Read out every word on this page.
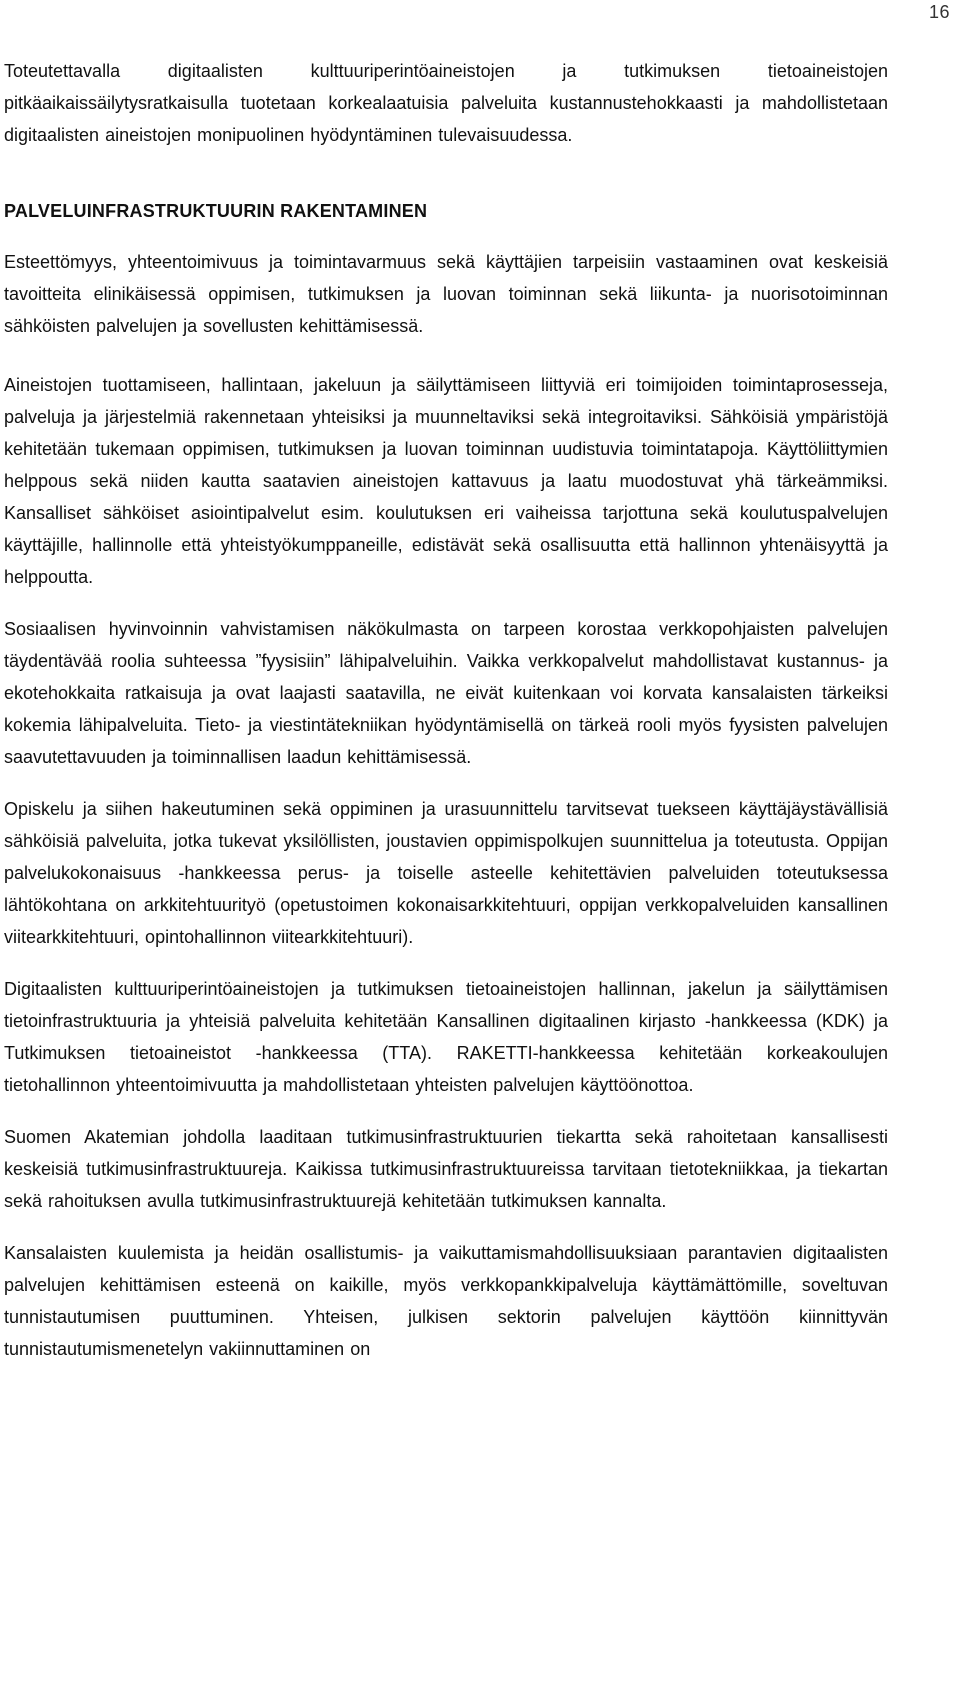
16

Toteutettavalla digitaalisten kulttuuriperintöaineistojen ja tutkimuksen tietoaineistojen pitkäaikaissäilytysratkaisulla tuotetaan korkealaatuisia palveluita kustannustehokkaasti ja mahdollistetaan digitaalisten aineistojen monipuolinen hyödyntäminen tulevaisuudessa.

PALVELUINFRASTRUKTUURIN RAKENTAMINEN

Esteettömyys, yhteentoimivuus ja toimintavarmuus sekä käyttäjien tarpeisiin vastaaminen ovat keskeisiä tavoitteita elinikäisessä oppimisen, tutkimuksen ja luovan toiminnan sekä liikunta- ja nuorisotoiminnan sähköisten palvelujen ja sovellusten kehittämisessä.

Aineistojen tuottamiseen, hallintaan, jakeluun ja säilyttämiseen liittyviä eri toimijoiden toimintaprosesseja, palveluja ja järjestelmiä rakennetaan yhteisiksi ja muunneltaviksi sekä integroitaviksi. Sähköisiä ympäristöjä kehitetään tukemaan oppimisen, tutkimuksen ja luovan toiminnan uudistuvia toimintatapoja. Käyttöliittymien helppous sekä niiden kautta saatavien aineistojen kattavuus ja laatu muodostuvat yhä tärkeämmiksi. Kansalliset sähköiset asiointipalvelut esim. koulutuksen eri vaiheissa tarjottuna sekä koulutuspalvelujen käyttäjille, hallinnolle että yhteistyökumppaneille, edistävät sekä osallisuutta että hallinnon yhtenäisyyttä ja helppoutta.

Sosiaalisen hyvinvoinnin vahvistamisen näkökulmasta on tarpeen korostaa verkkopohjaisten palvelujen täydentävää roolia suhteessa ”fyysisiin” lähipalveluihin. Vaikka verkkopalvelut mahdollistavat kustannus- ja ekotehokkaita ratkaisuja ja ovat laajasti saatavilla, ne eivät kuitenkaan voi korvata kansalaisten tärkeiksi kokemia lähipalveluita. Tieto- ja viestintätekniikan hyödyntämisellä on tärkeä rooli myös fyysisten palvelujen saavutettavuuden ja toiminnallisen laadun kehittämisessä.

Opiskelu ja siihen hakeutuminen sekä oppiminen ja urasuunnittelu tarvitsevat tuekseen käyttäjäystävällisiä sähköisiä palveluita, jotka tukevat yksilöllisten, joustavien oppimispolkujen suunnittelua ja toteutusta. Oppijan palvelukokonaisuus -hankkeessa perus- ja toiselle asteelle kehitettävien palveluiden toteutuksessa lähtökohtana on arkkitehtuurityö (opetustoimen kokonaisarkkitehtuuri, oppijan verkkopalveluiden kansallinen viitearkkitehtuuri, opintohallinnon viitearkkitehtuuri).

Digitaalisten kulttuuriperintöaineistojen ja tutkimuksen tietoaineistojen hallinnan, jakelun ja säilyttämisen tietoinfrastruktuuria ja yhteisiä palveluita kehitetään Kansallinen digitaalinen kirjasto -hankkeessa (KDK) ja Tutkimuksen tietoaineistot -hankkeessa (TTA). RAKETTI-hankkeessa kehitetään korkeakoulujen tietohallinnon yhteentoimivuutta ja mahdollistetaan yhteisten palvelujen käyttöönottoa.

Suomen Akatemian johdolla laaditaan tutkimusinfrastruktuurien tiekartta sekä rahoitetaan kansallisesti keskeisiä tutkimusinfrastruktuureja. Kaikissa tutkimusinfrastruktuureissa tarvitaan tietotekniikkaa, ja tiekartan sekä rahoituksen avulla tutkimusinfrastruktuurejä kehitetään tutkimuksen kannalta.

Kansalaisten kuulemista ja heidän osallistumis- ja vaikuttamismahdollisuuksiaan parantavien digitaalisten palvelujen kehittämisen esteenä on kaikille, myös verkkopankkipalveluja käyttämättömille, soveltuvan tunnistautumisen puuttuminen. Yhteisen, julkisen sektorin palvelujen käyttöön kiinnittyvän tunnistautumismenetelyn vakiinnuttaminen on
